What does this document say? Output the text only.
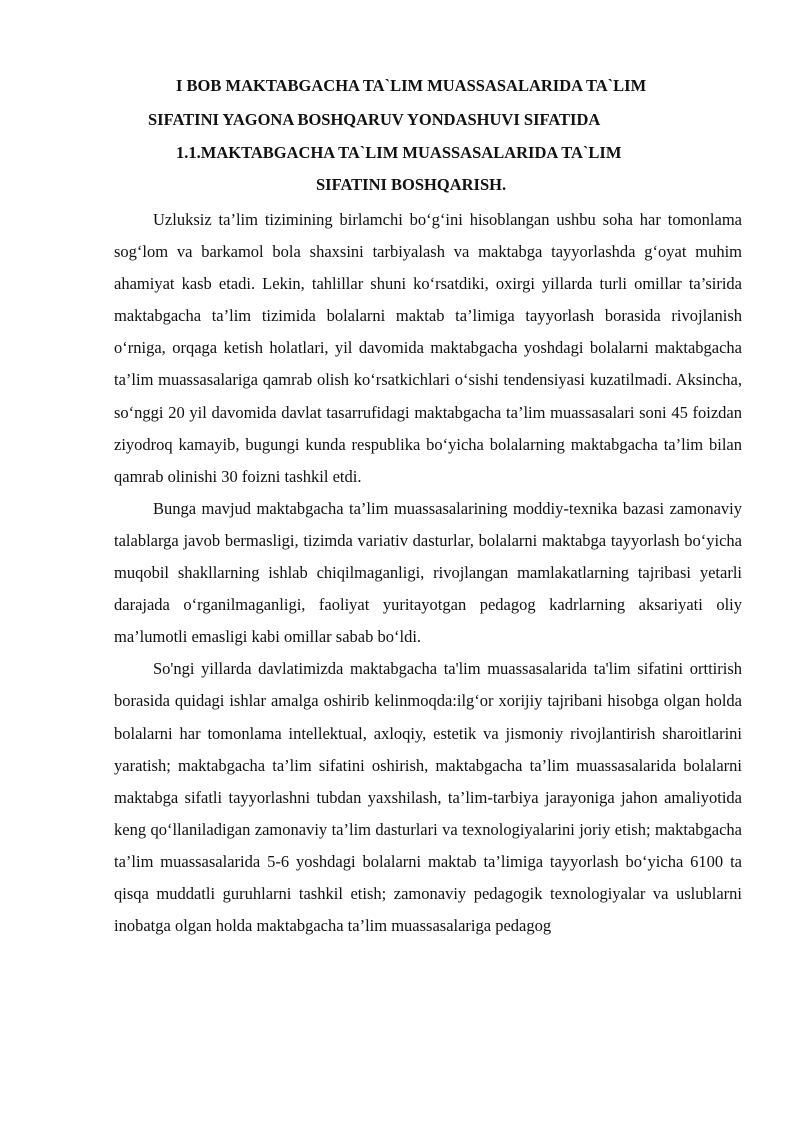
I BOB MAKTABGACHA TA`LIM MUASSASALARIDA TA`LIM
SIFATINI YAGONA BOSHQARUV YONDASHUVI SIFATIDA
1.1.MAKTABGACHA TA`LIM MUASSASALARIDA TA`LIM
SIFATINI BOSHQARISH.

Uzluksiz ta’lim tizimining birlamchi bo‘g‘ini hisoblangan ushbu soha har tomonlama sog‘lom va barkamol bola shaxsini tarbiyalash va maktabga tayyorlashda g‘oyat muhim ahamiyat kasb etadi. Lekin, tahlillar shuni ko‘rsatdiki, oxirgi yillarda turli omillar ta’sirida maktabgacha ta’lim tizimida bolalarni maktab ta’limiga tayyorlash borasida rivojlanish o‘rniga, orqaga ketish holatlari, yil davomida maktabgacha yoshdagi bolalarni maktabgacha ta’lim muassasalariga qamrab olish ko‘rsatkichlari o‘sishi tendensiyasi kuzatilmadi. Aksincha, so‘nggi 20 yil davomida davlat tasarrufidagi maktabgacha ta’lim muassasalari soni 45 foizdan ziyodroq kamayib, bugungi kunda respublika bo‘yicha bolalarning maktabgacha ta’lim bilan qamrab olinishi 30 foizni tashkil etdi.

Bunga mavjud maktabgacha ta’lim muassasalarining moddiy-texnika bazasi zamonaviy talablarga javob bermasligi, tizimda variativ dasturlar, bolalarni maktabga tayyorlash bo‘yicha muqobil shakllarning ishlab chiqilmaganligi, rivojlangan mamlakatlarning tajribasi yetarli darajada o‘rganilmaganligi, faoliyat yuritayotgan pedagog kadrlarning aksariyati oliy ma’lumotli emasligi kabi omillar sabab bo‘ldi.

So'ngi yillarda davlatimizda maktabgacha ta'lim muassasalarida ta'lim sifatini orttirish borasida quidagi ishlar amalga oshirib kelinmoqda:ilg‘or xorijiy tajribani hisobga olgan holda bolalarni har tomonlama intellektual, axloqiy, estetik va jismoniy rivojlantirish sharoitlarini yaratish; maktabgacha ta’lim sifatini oshirish, maktabgacha ta’lim muassasalarida bolalarni maktabga sifatli tayyorlashni tubdan yaxshilash, ta’lim-tarbiya jarayoniga jahon amaliyotida keng qo‘llaniladigan zamonaviy ta’lim dasturlari va texnologiyalarini joriy etish; maktabgacha ta’lim muassasalarida 5-6 yoshdagi bolalarni maktab ta’limiga tayyorlash bo‘yicha 6100 ta qisqa muddatli guruhlarni tashkil etish; zamonaviy pedagogik texnologiyalar va uslublarni inobatga olgan holda maktabgacha ta’lim muassasalariga pedagog
